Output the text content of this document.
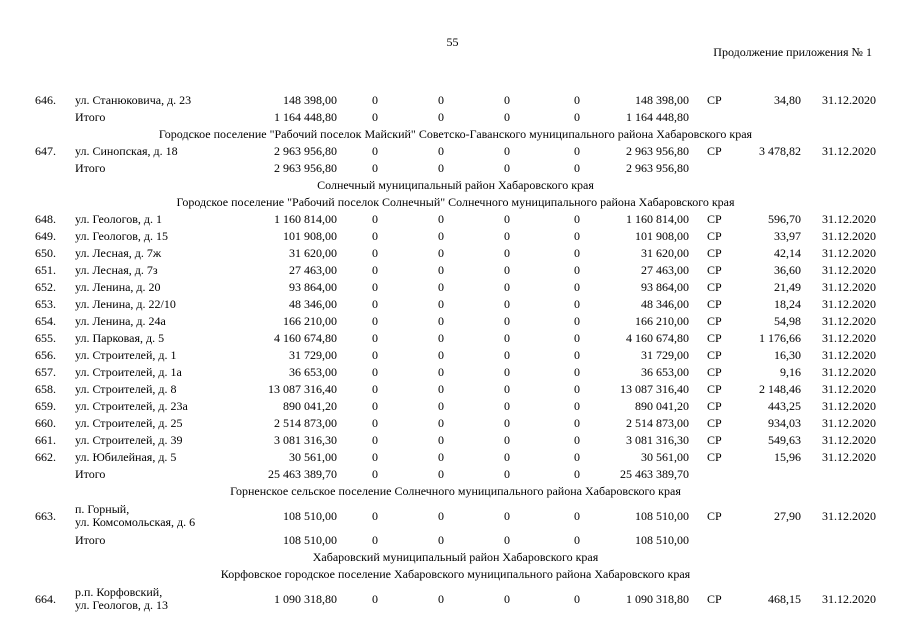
55
Продолжение приложения № 1
646.	ул. Станюковича, д. 23	148 398,00	0	0	0	0	148 398,00	СР	34,80	31.12.2020
	Итого	1 164 448,80	0	0	0	0	1 164 448,80			
Городское поселение "Рабочий поселок Майский" Советско-Гаванского муниципального района Хабаровского края										
647.	ул. Синопская, д. 18	2 963 956,80	0	0	0	0	2 963 956,80	СР	3 478,82	31.12.2020
	Итого	2 963 956,80	0	0	0	0	2 963 956,80			
Солнечный муниципальный район Хабаровского края										
Городское поселение "Рабочий поселок Солнечный" Солнечного муниципального района Хабаровского края										
648.	ул. Геологов, д. 1	1 160 814,00	0	0	0	0	1 160 814,00	СР	596,70	31.12.2020
649.	ул. Геологов, д. 15	101 908,00	0	0	0	0	101 908,00	СР	33,97	31.12.2020
650.	ул. Лесная, д. 7ж	31 620,00	0	0	0	0	31 620,00	СР	42,14	31.12.2020
651.	ул. Лесная, д. 7з	27 463,00	0	0	0	0	27 463,00	СР	36,60	31.12.2020
652.	ул. Ленина, д. 20	93 864,00	0	0	0	0	93 864,00	СР	21,49	31.12.2020
653.	ул. Ленина, д. 22/10	48 346,00	0	0	0	0	48 346,00	СР	18,24	31.12.2020
654.	ул. Ленина, д. 24а	166 210,00	0	0	0	0	166 210,00	СР	54,98	31.12.2020
655.	ул. Парковая, д. 5	4 160 674,80	0	0	0	0	4 160 674,80	СР	1 176,66	31.12.2020
656.	ул. Строителей, д. 1	31 729,00	0	0	0	0	31 729,00	СР	16,30	31.12.2020
657.	ул. Строителей, д. 1а	36 653,00	0	0	0	0	36 653,00	СР	9,16	31.12.2020
658.	ул. Строителей, д. 8	13 087 316,40	0	0	0	0	13 087 316,40	СР	2 148,46	31.12.2020
659.	ул. Строителей, д. 23а	890 041,20	0	0	0	0	890 041,20	СР	443,25	31.12.2020
660.	ул. Строителей, д. 25	2 514 873,00	0	0	0	0	2 514 873,00	СР	934,03	31.12.2020
661.	ул. Строителей, д. 39	3 081 316,30	0	0	0	0	3 081 316,30	СР	549,63	31.12.2020
662.	ул. Юбилейная, д. 5	30 561,00	0	0	0	0	30 561,00	СР	15,96	31.12.2020
	Итого	25 463 389,70	0	0	0	0	25 463 389,70			
Горненское сельское поселение Солнечного муниципального района Хабаровского края										
663.	п. Горный,
ул. Комсомольская, д. 6	108 510,00	0	0	0	0	108 510,00	СР	27,90	31.12.2020
	Итого	108 510,00	0	0	0	0	108 510,00			
Хабаровский муниципальный район Хабаровского края										
Корфовское городское поселение Хабаровского муниципального района Хабаровского края										
664.	р.п. Корфовский,
ул. Геологов, д. 13	1 090 318,80	0	0	0	0	1 090 318,80	СР	468,15	31.12.2020
